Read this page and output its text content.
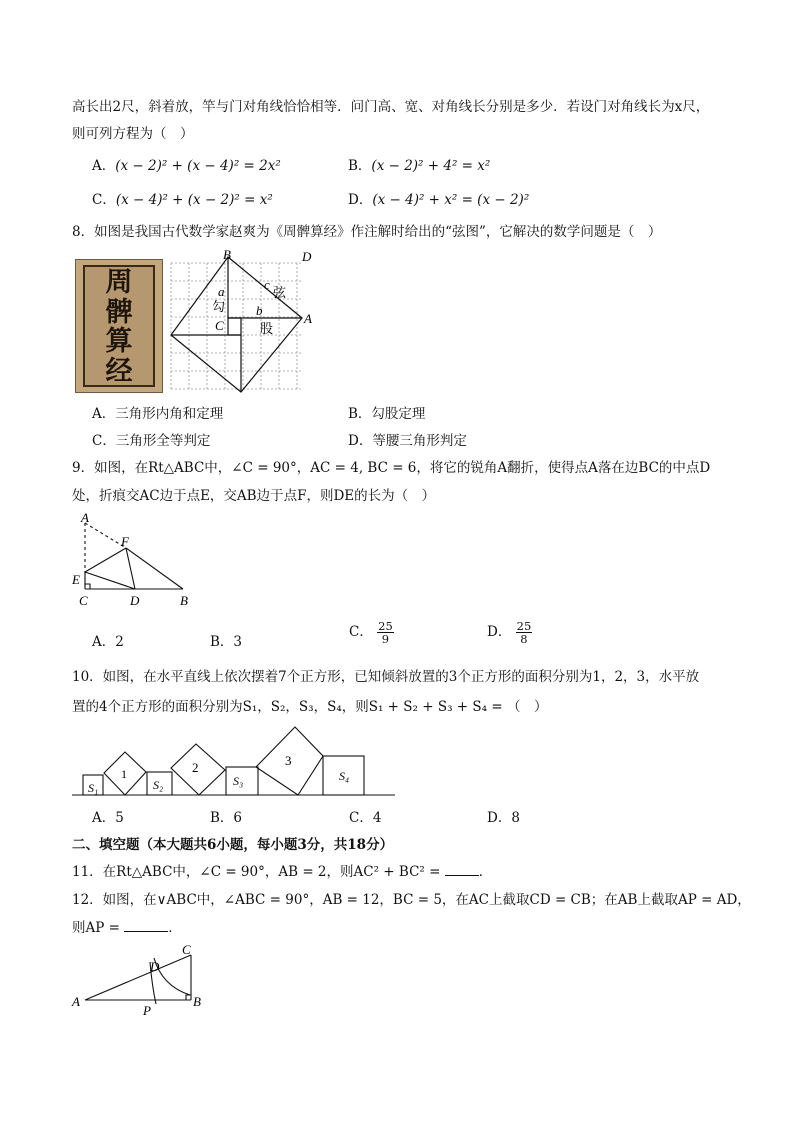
高长出2尺，斜着放，竿与门对角线恰恰相等．问门高、宽、对角线长分别是多少．若设门对角线长为x尺，
则可列方程为（　）
A．(x − 2)² + (x − 4)² = 2x²	B．(x − 2)² + 4² = x²
C．(x − 4)² + (x − 2)² = x²	D．(x − 4)² + x² = (x − 2)²
8．如图是我国古代数学家赵爽为《周髀算经》作注解时给出的“弦图”，它解决的数学问题是（　）
周
髀
算
经
B	D
A
C
a
勾 b
股
c
弦
A．三角形内角和定理	B．勾股定理
C．三角形全等判定	D．等腰三角形判定
9．如图，在Rt△ABC中，∠C = 90°，AC = 4, BC = 6，将它的锐角A翻折，使得点A落在边BC的中点D
处，折痕交AC边于点E，交AB边于点F，则DE的长为（　）
A
F
E
C	D	B
A．2	B．3
C． $\frac{25}{9}$	D． $\frac{25}{8}$
10．如图，在水平直线上依次摆着7个正方形，已知倾斜放置的3个正方形的面积分别为1，2，3，水平放
置的4个正方形的面积分别为S₁，S₂，S₃，S₄，则S₁ + S₂ + S₃ + S₄ = （　）
S₁
1
S₂
2
S₃
3
S₄
A．5	B．6	C．4	D．8
二、填空题（本大题共6小题，每小题3分，共18分）
11．在Rt△ABC中，∠C = 90°，AB = 2，则AC² + BC² =	．
12．如图，在∨ABC中，∠ABC = 90°，AB = 12，BC = 5，在AC上截取CD = CB；在AB上截取AP = AD，
则AP =	．
C
D
A
P
B
